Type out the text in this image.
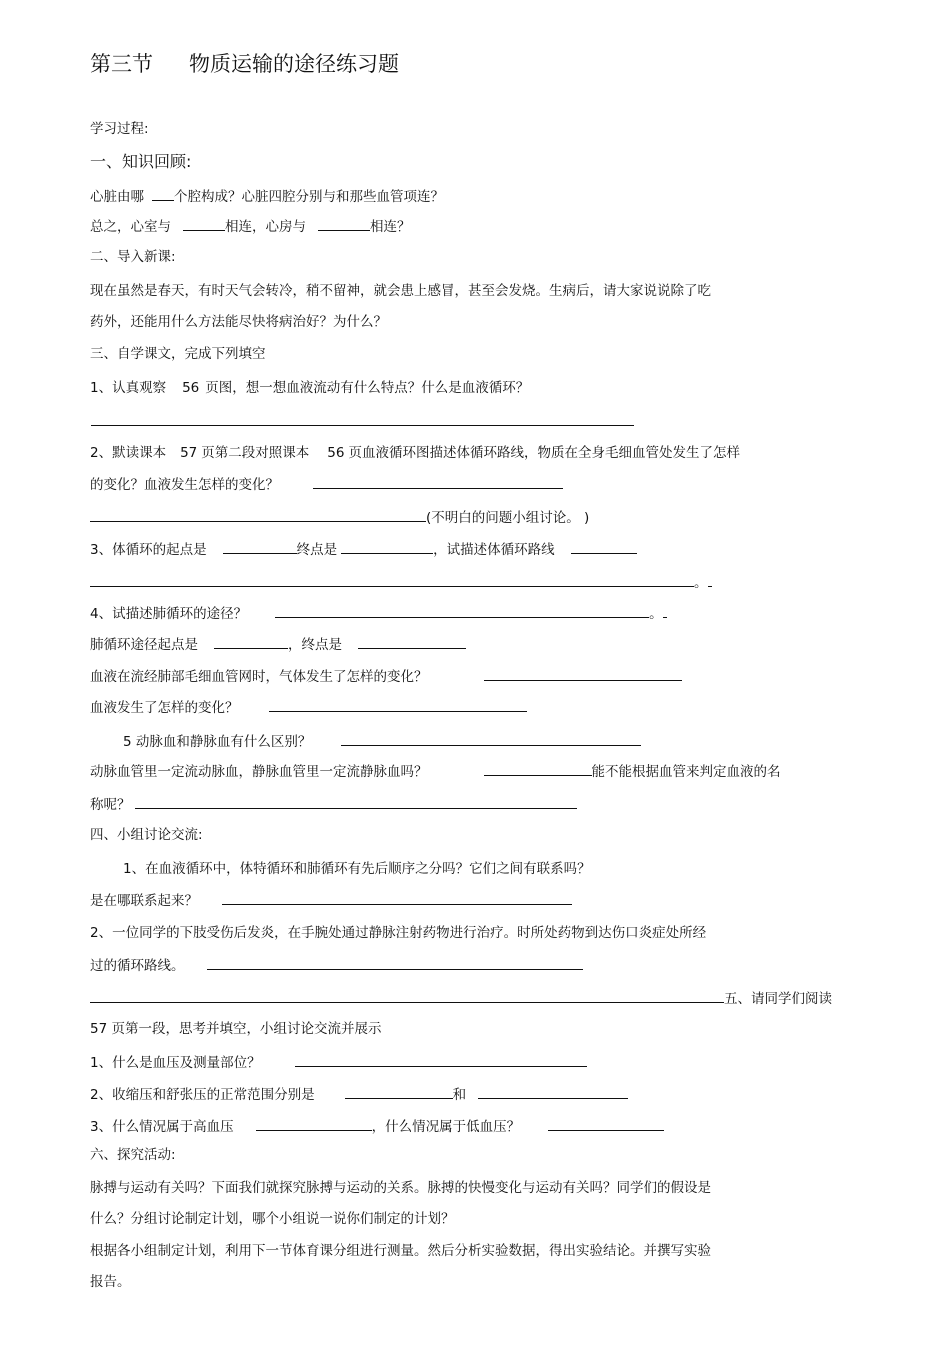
第三节 物质运输的途径练习题
学习过程:
一、知识回顾:
心脏由哪 个腔构成？心脏四腔分别与和那些血管项连？
总之，心室与	相连，心房与	相连？
二、导入新课:
现在虽然是春天，有时天气会转冷，稍不留神，就会患上感冒，甚至会发烧。生病后，请大家说说除了吃
药外，还能用什么方法能尽快将病治好？为什么？
三、自学课文，完成下列填空
1、认真观察 56 页图，想一想血液流动有什么特点？什么是血液循环？
2、默读课本 57 页第二段对照课本 56 页血液循环图描述体循环路线，物质在全身毛细血管处发生了怎样
的变化？血液发生怎样的变化？
(不明白的问题小组讨论。 )
3、体循环的起点是	终点是	，试描述体循环路线
。
4、试描述肺循环的途径？	。
肺循环途径起点是	，终点是
血液在流经肺部毛细血管网时，气体发生了怎样的变化？
血液发生了怎样的变化？
5 动脉血和静脉血有什么区别？
动脉血管里一定流动脉血，静脉血管里一定流静脉血吗？	能不能根据血管来判定血液的名
称呢？
四、小组讨论交流:
1、在血液循环中，体特循环和肺循环有先后顺序之分吗？它们之间有联系吗？
是在哪联系起来？
2、一位同学的下肢受伤后发炎，在手腕处通过静脉注射药物进行治疗。时所处药物到达伤口炎症处所经
过的循环路线。
五、请同学们阅读
57 页第一段，思考并填空，小组讨论交流并展示
1、什么是血压及测量部位？
2、收缩压和舒张压的正常范围分别是	和
3、什么情况属于高血压	，什么情况属于低血压？
六、探究活动:
脉搏与运动有关吗？下面我们就探究脉搏与运动的关系。脉搏的快慢变化与运动有关吗？同学们的假设是
什么？分组讨论制定计划，哪个小组说一说你们制定的计划？
根据各小组制定计划，利用下一节体育课分组进行测量。然后分析实验数据，得出实验结论。并撰写实验
报告。
